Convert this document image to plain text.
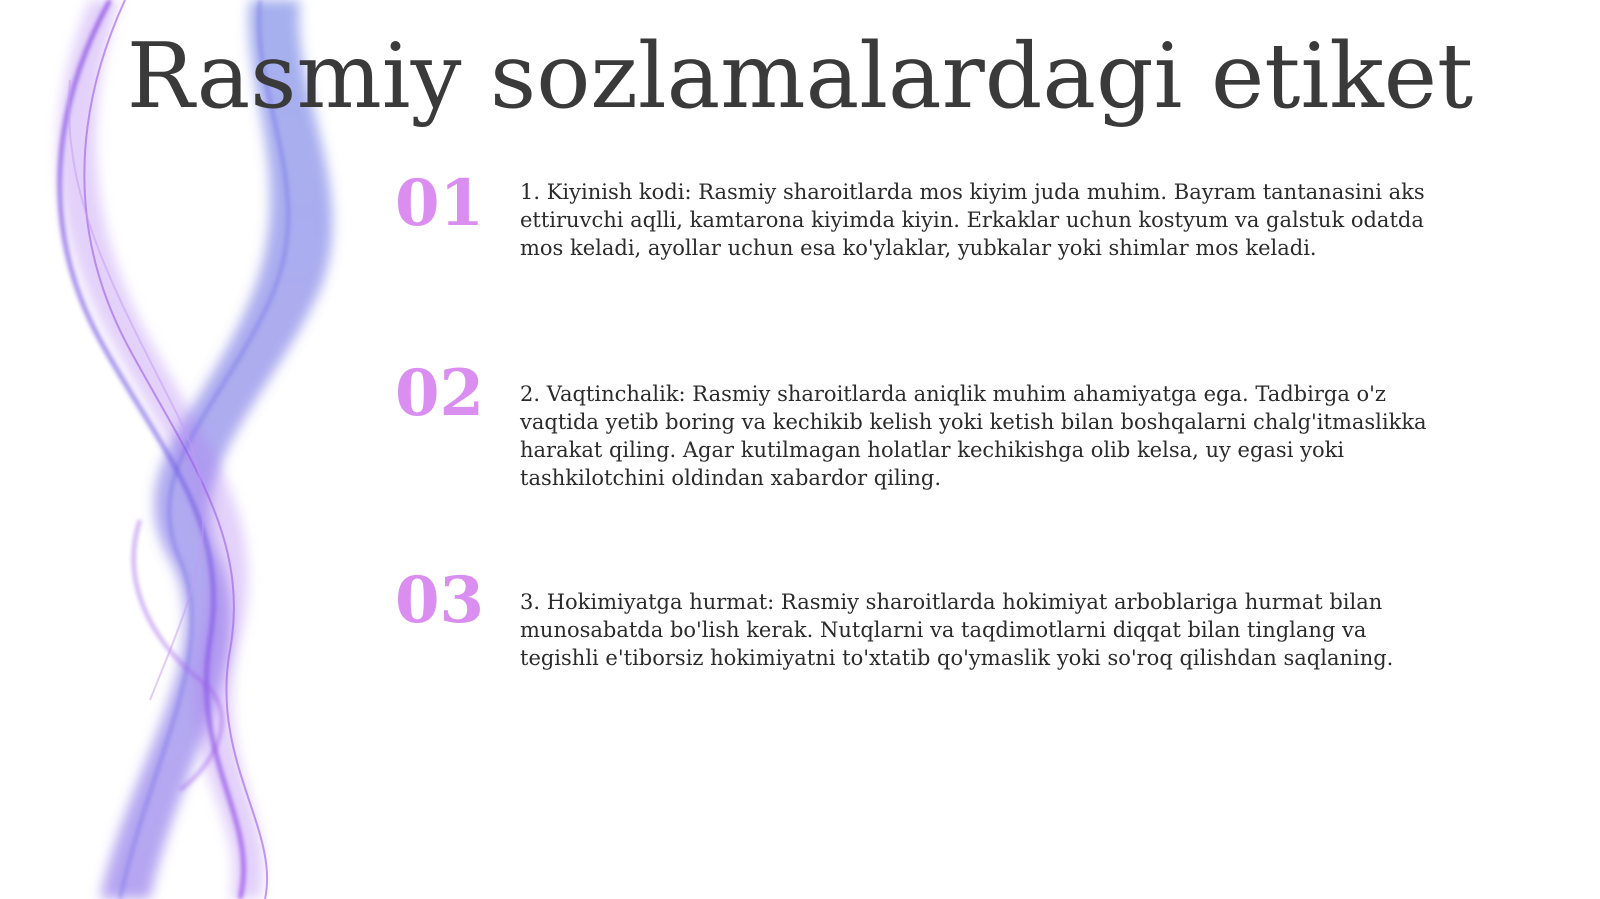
Rasmiy sozlamalardagi etiket
01	1. Kiyinish kodi: Rasmiy sharoitlarda mos kiyim juda muhim. Bayram tantanasini aks ettiruvchi aqlli, kamtarona kiyimda kiyin. Erkaklar uchun kostyum va galstuk odatda mos keladi, ayollar uchun esa ko'ylaklar, yubkalar yoki shimlar mos keladi.

02	2. Vaqtinchalik: Rasmiy sharoitlarda aniqlik muhim ahamiyatga ega. Tadbirga o'z vaqtida yetib boring va kechikib kelish yoki ketish bilan boshqalarni chalg'itmaslikka harakat qiling. Agar kutilmagan holatlar kechikishga olib kelsa, uy egasi yoki tashkilotchini oldindan xabardor qiling.

03	3. Hokimiyatga hurmat: Rasmiy sharoitlarda hokimiyat arboblariga hurmat bilan munosabatda bo'lish kerak. Nutqlarni va taqdimotlarni diqqat bilan tinglang va tegishli e'tiborsiz hokimiyatni to'xtatib qo'ymaslik yoki so'roq qilishdan saqlaning.
